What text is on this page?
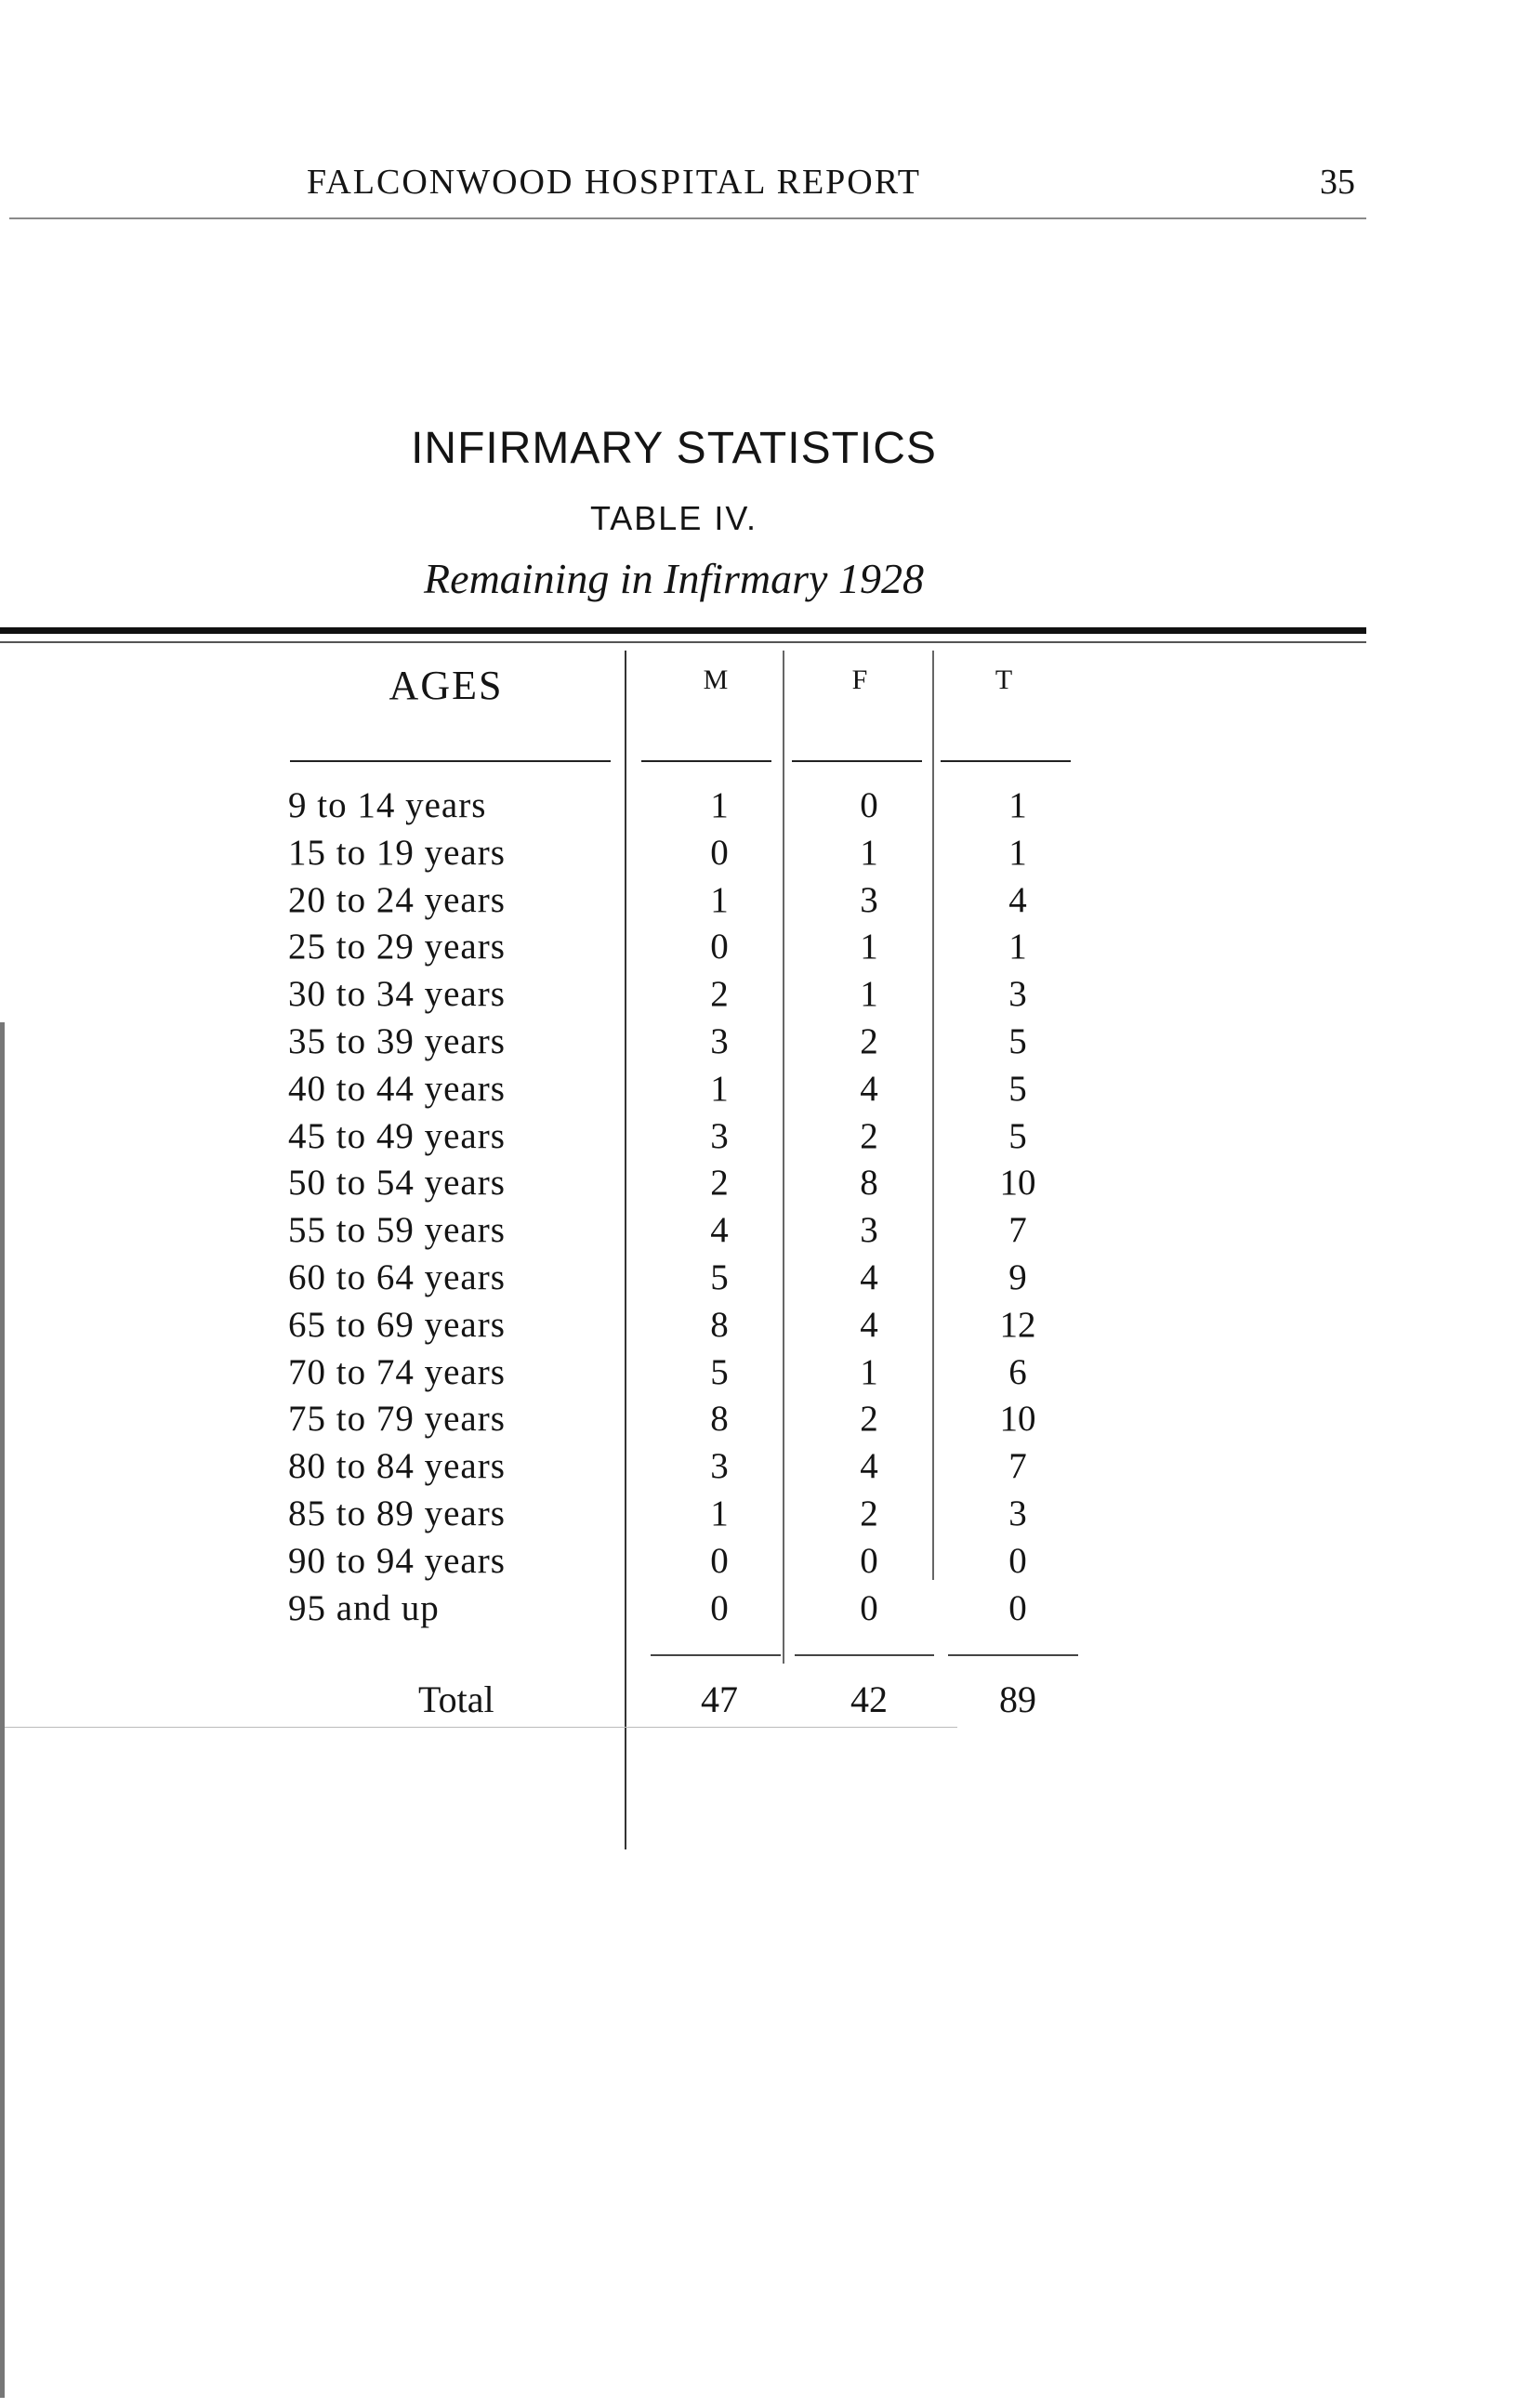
FALCONWOOD HOSPITAL REPORT	35
INFIRMARY STATISTICS
TABLE IV.
Remaining in Infirmary 1928
AGES	M	F	T
9 to 14 years	1	0	1
15 to 19 years	0	1	1
20 to 24 years	1	3	4
25 to 29 years	0	1	1
30 to 34 years	2	1	3
35 to 39 years	3	2	5
40 to 44 years	1	4	5
45 to 49 years	3	2	5
50 to 54 years	2	8	10
55 to 59 years	4	3	7
60 to 64 years	5	4	9
65 to 69 years	8	4	12
70 to 74 years	5	1	6
75 to 79 years	8	2	10
80 to 84 years	3	4	7
85 to 89 years	1	2	3
90 to 94 years	0	0	0
95 and up	0	0	0
Total	47	42	89
